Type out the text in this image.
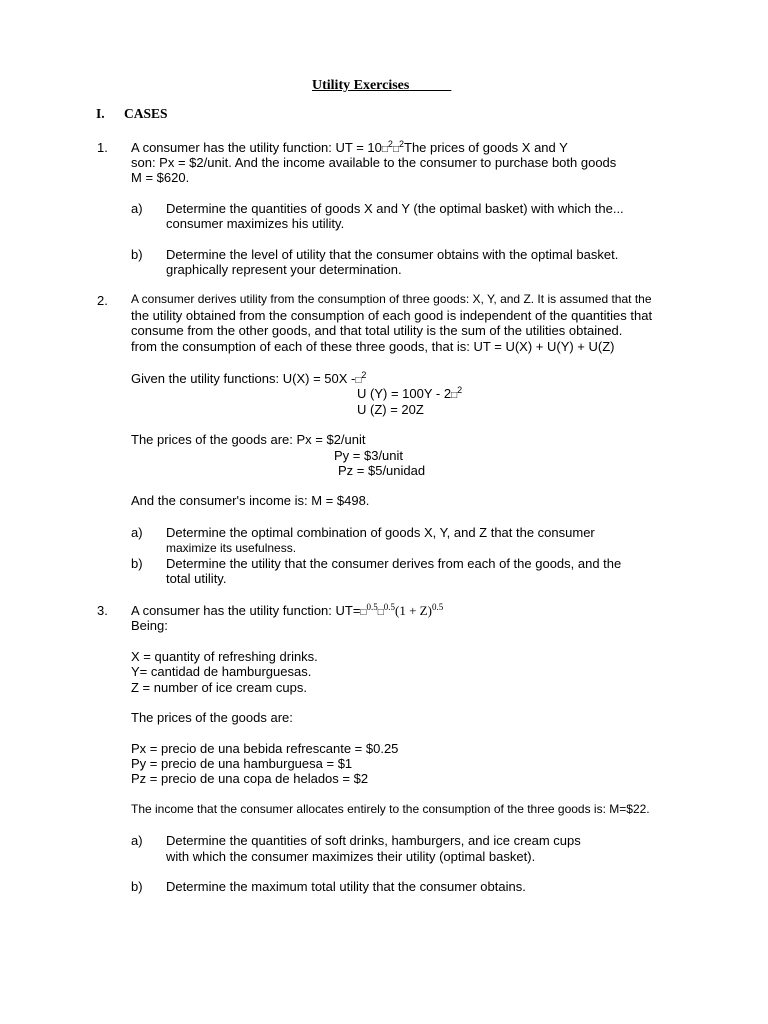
Utility Exercises
I. CASES
1. A consumer has the utility function: UT = 10□$^2$□$^2$The prices of goods X and Y
son: Px = $2/unit. And the income available to the consumer to purchase both goods
M = $620.
a) Determine the quantities of goods X and Y (the optimal basket) with which the...
consumer maximizes his utility.
b) Determine the level of utility that the consumer obtains with the optimal basket.
graphically represent your determination.
2. A consumer derives utility from the consumption of three goods: X, Y, and Z. It is assumed that the
the utility obtained from the consumption of each good is independent of the quantities that
consume from the other goods, and that total utility is the sum of the utilities obtained.
from the consumption of each of these three goods, that is: UT = U(X) + U(Y) + U(Z)
Given the utility functions: U(X) = 50X -□$^2$
U (Y) = 100Y - 2□$^2$
U (Z) = 20Z
The prices of the goods are: Px = $2/unit
Py = $3/unit
Pz = $5/unidad
And the consumer's income is: M = $498.
a) Determine the optimal combination of goods X, Y, and Z that the consumer
maximize its usefulness.
b) Determine the utility that the consumer derives from each of the goods, and the
total utility.
3. A consumer has the utility function: UT=□$^{0.5}$□$^{0.5}$(1 + Z)$^{0.5}$
Being:
X = quantity of refreshing drinks.
Y= cantidad de hamburguesas.
Z = number of ice cream cups.
The prices of the goods are:
Px = precio de una bebida refrescante = $0.25
Py = precio de una hamburguesa = $1
Pz = precio de una copa de helados = $2
The income that the consumer allocates entirely to the consumption of the three goods is: M=$22.
a) Determine the quantities of soft drinks, hamburgers, and ice cream cups
with which the consumer maximizes their utility (optimal basket).
b) Determine the maximum total utility that the consumer obtains.
